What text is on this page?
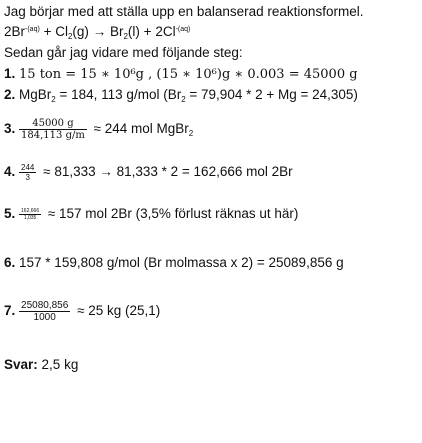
Jag börjar med att ställa upp en balanserad reaktionsformel.
$2Br^{-(aq)} + Cl_2(g) \to Br_2(l) + 2Cl^{-(aq)}$
Sedan går jag vidare med följande steg:
1. 15 ton = 15 ∗ 10⁶g , (15 ∗ 10⁶)g ∗ 0.003 = 45000 g
2. MgBr$_2$ = 184, 113 g/mol $(Br_2 = 79,904 * 2 + Mg = 24,305)$
3. $\frac{45000 g}{184,113 g/m} \approx 244$ mol MgBr$_2$
4. $\frac{244}{3} \approx 81,333 \to 81,333 * 2 = 162,666$ mol 2Br
5. $\frac{162,666}{1,035} \approx 157$ mol 2Br (3,5% förlust räknas ut här)
6. 157 * 159,808 g/mol (Br molmassa x 2) = 25089,856 g
7. $\frac{25080,856}{1000} \approx 25$ kg (25,1)
Svar: 2,5 kg
